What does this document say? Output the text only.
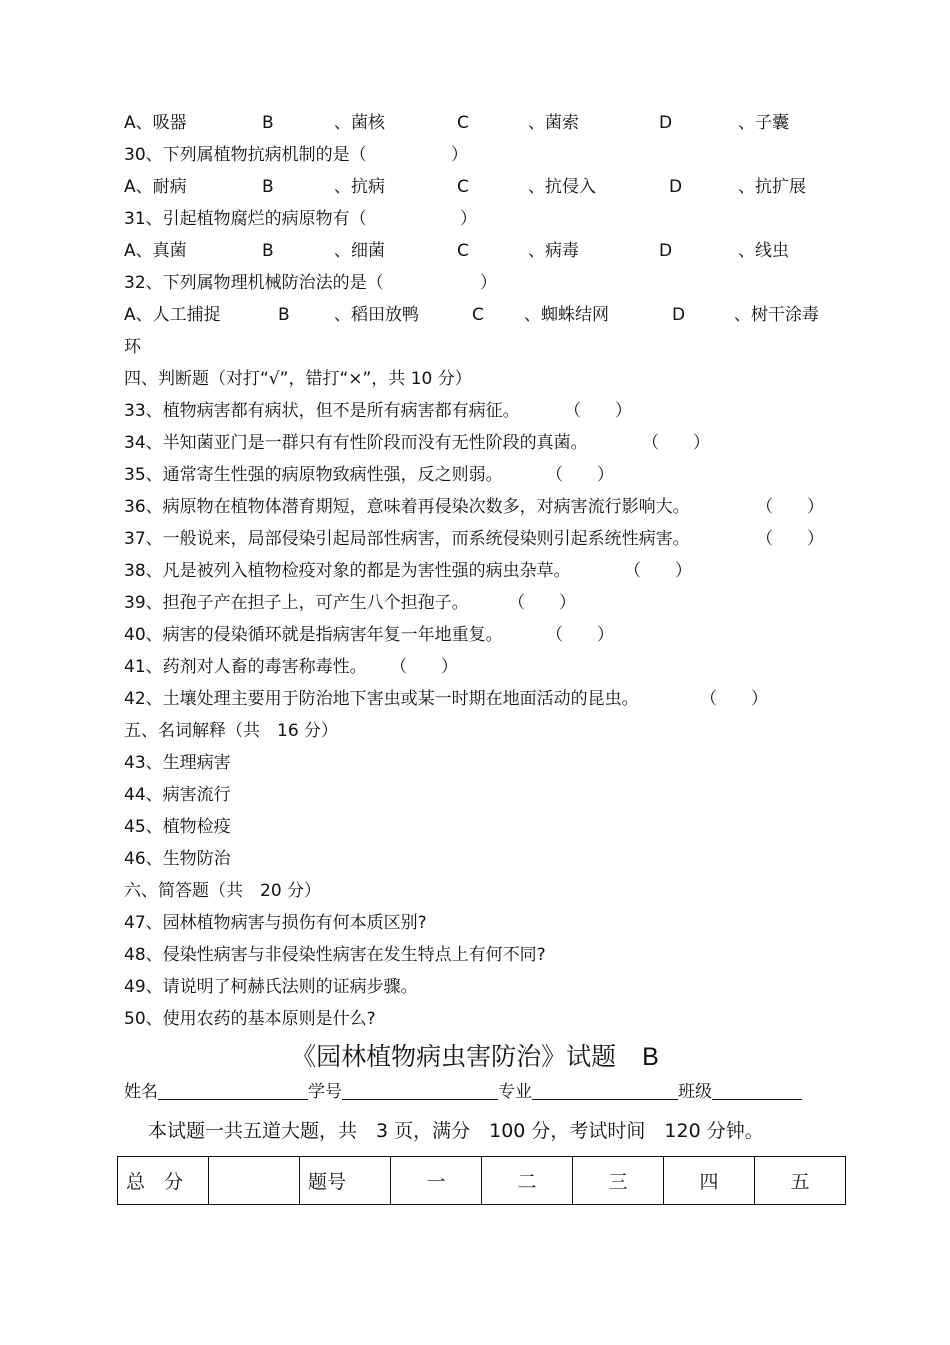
A、吸器	B	、菌核	C	、菌索	D	、子囊
30、下列属植物抗病机制的是（	）
A、耐病	B	、抗病	C	、抗侵入	D	、抗扩展
31、引起植物腐烂的病原物有（	）
A、真菌	B	、细菌	C	、病毒	D	、线虫
32、下列属物理机械防治法的是（	）
A、人工捕捉	B	、稻田放鸭	C 、蜘蛛结网	D	、树干涂毒
环
四、判断题（对打“√”，错打“×”，共 10 分）
33、植物病害都有病状，但不是所有病害都有病征。	（　　）
34、半知菌亚门是一群只有有性阶段而没有无性阶段的真菌。	（　　）
35、通常寄生性强的病原物致病性强，反之则弱。	（　　）
36、病原物在植物体潜育期短，意味着再侵染次数多，对病害流行影响大。	（　　）
37、一般说来，局部侵染引起局部性病害，而系统侵染则引起系统性病害。	（　　）
38、凡是被列入植物检疫对象的都是为害性强的病虫杂草。	（　　）
39、担孢子产在担子上，可产生八个担孢子。 （　　）
40、病害的侵染循环就是指病害年复一年地重复。	（　　）
41、药剂对人畜的毒害称毒性。 （　　）
42、土壤处理主要用于防治地下害虫或某一时期在地面活动的昆虫。	（　　）
五、名词解释（共　16 分）
43、生理病害
44、病害流行
45、植物检疫
46、生物防治
六、简答题（共　20 分）
47、园林植物病害与损伤有何本质区别?
48、侵染性病害与非侵染性病害在发生特点上有何不同?
49、请说明了柯赫氏法则的证病步骤。
50、使用农药的基本原则是什么?
《园林植物病虫害防治》试题 B
姓名	学号	专业	班级
本试题一共五道大题，共　3 页，满分　100 分，考试时间　120 分钟。
总　分		题号	一	二	三	四	五
